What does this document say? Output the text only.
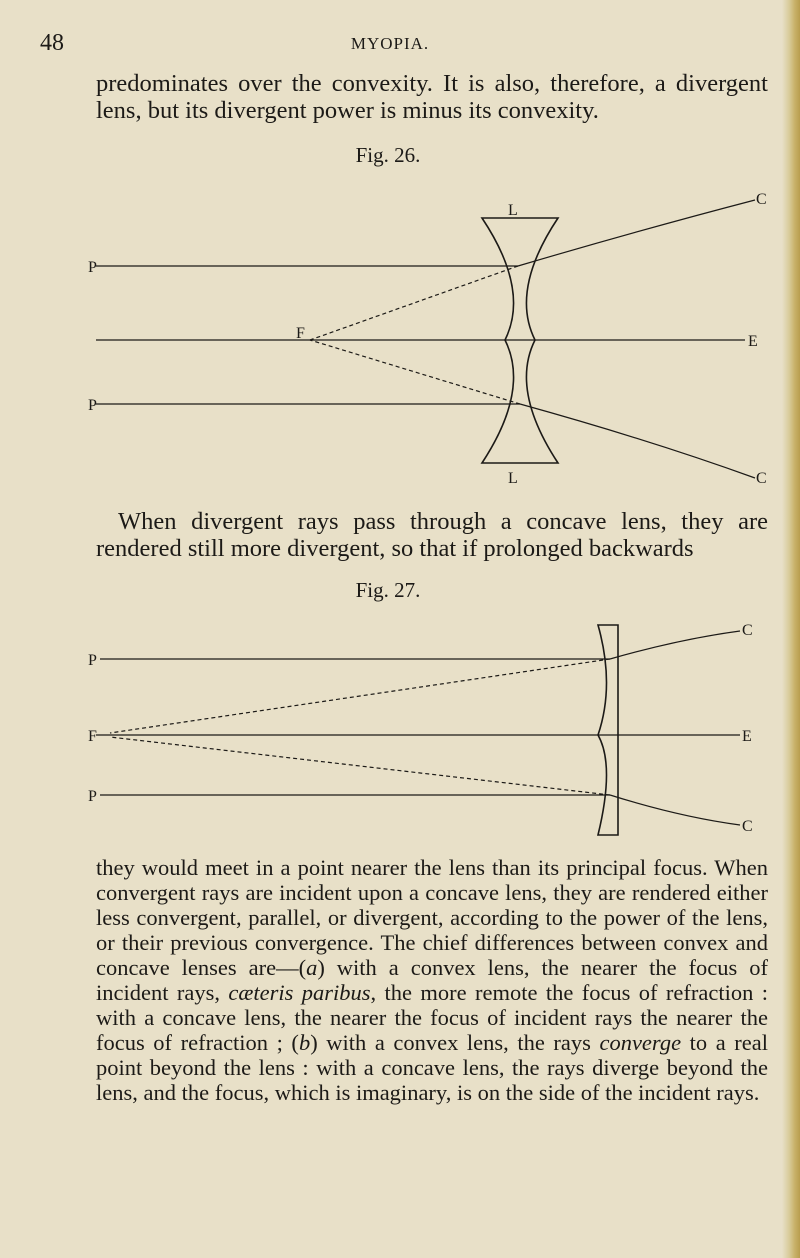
48	MYOPIA.

predominates over the convexity. It is also, therefore, a divergent lens, but its divergent power is minus its convexity.

Fig. 26.
L
L
P
P
F	E
C
C

When divergent rays pass through a concave lens, they are rendered still more divergent, so that if prolonged backwards

Fig. 27.
P
F
P
E
C
C

they would meet in a point nearer the lens than its principal focus. When convergent rays are incident upon a concave lens, they are rendered either less convergent, parallel, or divergent, according to the power of the lens, or their previous convergence. The chief differences between convex and concave lenses are—(a) with a convex lens, the nearer the focus of incident rays, cæteris paribus, the more remote the focus of refraction : with a concave lens, the nearer the focus of incident rays the nearer the focus of refraction ; (b) with a convex lens, the rays converge to a real point beyond the lens : with a concave lens, the rays diverge beyond the lens, and the focus, which is imaginary, is on the side of the incident rays.
